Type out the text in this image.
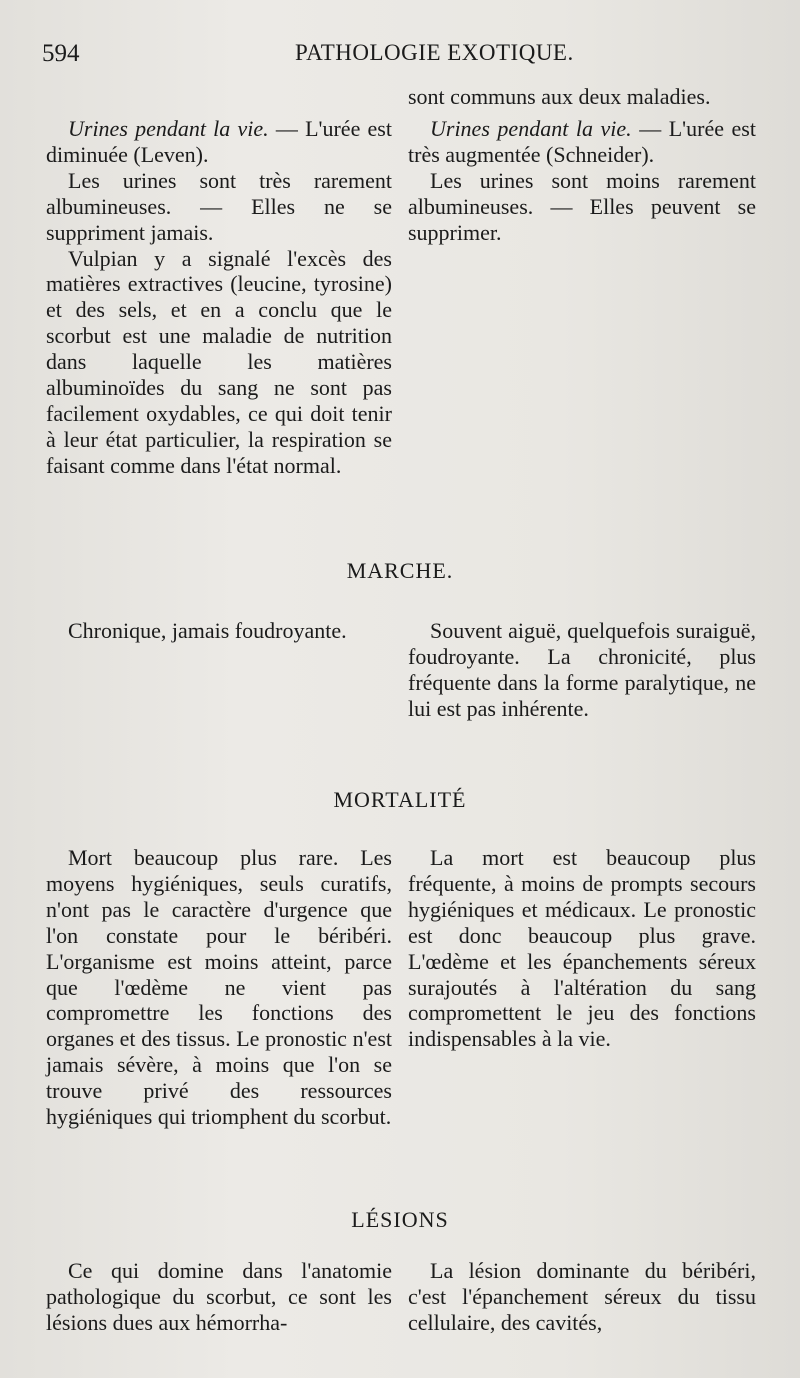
594	PATHOLOGIE EXOTIQUE.

sont communs aux deux maladies.

Urines pendant la vie. — L'urée est diminuée (Leven).

Les urines sont très rarement albumineuses. — Elles ne se suppriment jamais.

Vulpian y a signalé l'excès des matières extractives (leucine, tyrosine) et des sels, et en a conclu que le scorbut est une maladie de nutrition dans laquelle les matières albuminoïdes du sang ne sont pas facilement oxydables, ce qui doit tenir à leur état particulier, la respiration se faisant comme dans l'état normal.

Urines pendant la vie. — L'urée est très augmentée (Schneider).

Les urines sont moins rarement albumineuses. — Elles peuvent se supprimer.

MARCHE.

Chronique, jamais foudroyante.	Souvent aiguë, quelquefois suraiguë, foudroyante. La chronicité, plus fréquente dans la forme paralytique, ne lui est pas inhérente.

MORTALITÉ

Mort beaucoup plus rare. Les moyens hygiéniques, seuls curatifs, n'ont pas le caractère d'urgence que l'on constate pour le béribéri. L'organisme est moins atteint, parce que l'œdème ne vient pas compromettre les fonctions des organes et des tissus. Le pronostic n'est jamais sévère, à moins que l'on se trouve privé des ressources hygiéniques qui triomphent du scorbut.

La mort est beaucoup plus fréquente, à moins de prompts secours hygiéniques et médicaux. Le pronostic est donc beaucoup plus grave. L'œdème et les épanchements séreux surajoutés à l'altération du sang compromettent le jeu des fonctions indispensables à la vie.

LÉSIONS

Ce qui domine dans l'anatomie pathologique du scorbut, ce sont les lésions dues aux hémorrha-

La lésion dominante du béribéri, c'est l'épanchement séreux du tissu cellulaire, des cavités,
